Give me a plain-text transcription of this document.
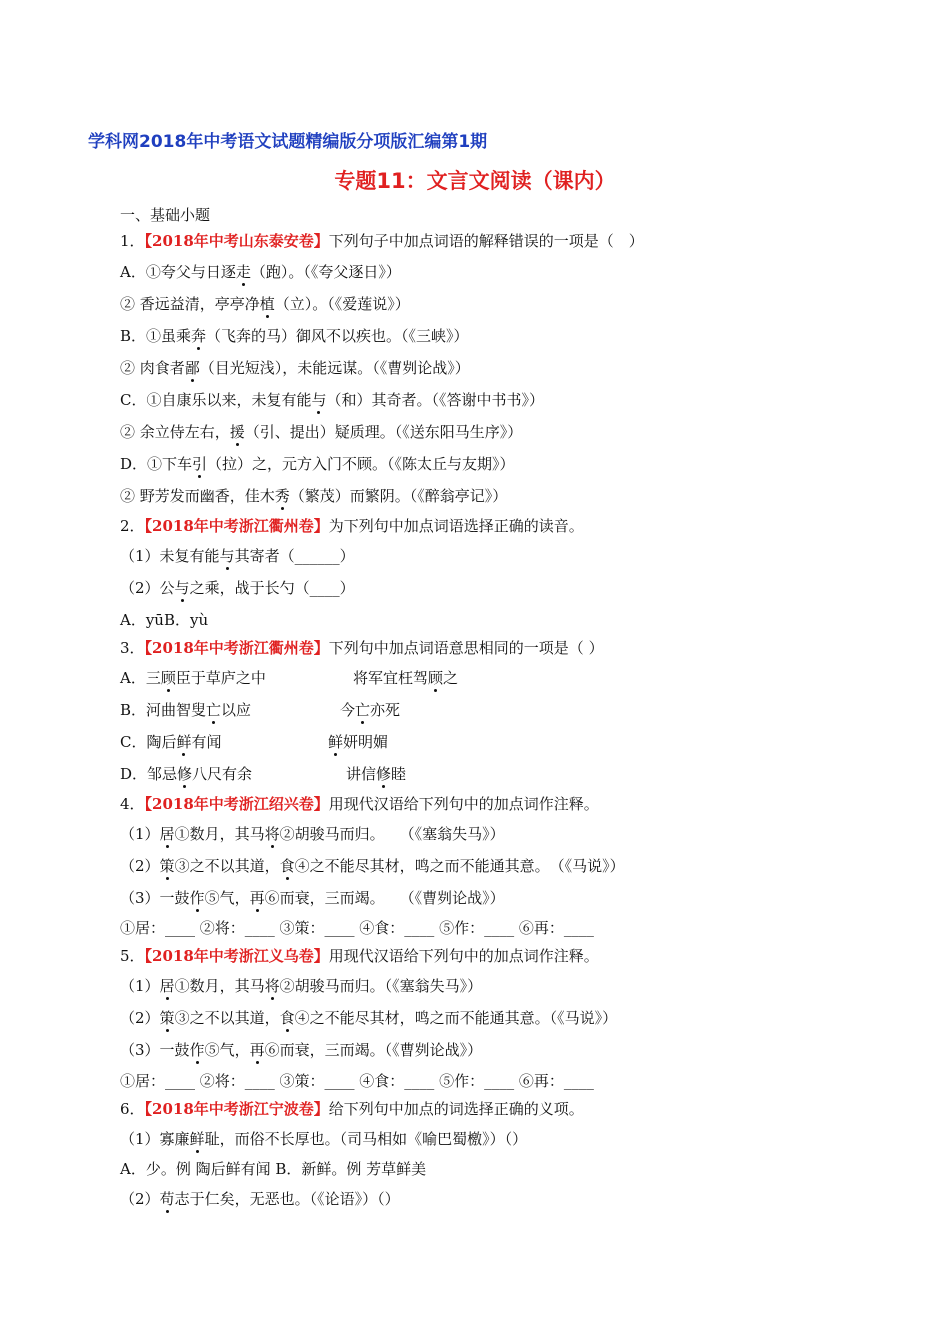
学科网2018年中考语文试题精编版分项版汇编第1期
专题11：文言文阅读（课内）
一、基础小题
1．【2018年中考山东泰安卷】下列句子中加点词语的解释错误的一项是（　）
A．①夸父与日逐走（跑）。（《夸父逐日》）
② 香远益清，亭亭净植（立）。（《爱莲说》）
B．①虽乘奔（飞奔的马）御风不以疾也。（《三峡》）
② 肉食者鄙（目光短浅），未能远谋。（《曹刿论战》）
C．①自康乐以来，未复有能与（和）其奇者。（《答谢中书书》）
② 余立侍左右，援（引、提出）疑质理。（《送东阳马生序》）
D．①下车引（拉）之，元方入门不顾。（《陈太丘与友期》）
② 野芳发而幽香，佳木秀（繁茂）而繁阴。（《醉翁亭记》）
2．【2018年中考浙江衢州卷】为下列句中加点词语选择正确的读音。
（1）未复有能与其寄者（______）
（2）公与之乘，战于长勺（____）
A．yūB．yù
3．【2018年中考浙江衢州卷】下列句中加点词语意思相同的一项是（ ）
A．三顾臣于草庐之中	将军宜枉驾顾之
B．河曲智叟亡以应	今亡亦死
C．陶后鲜有闻	鲜妍明媚
D．邹忌修八尺有余	讲信修睦
4．【2018年中考浙江绍兴卷】用现代汉语给下列句中的加点词作注释。
（1）居①数月，其马将②胡骏马而归。　　（《塞翁失马》）
（2）策③之不以其道，食④之不能尽其材，鸣之而不能通其意。　（《马说》）
（3）一鼓作⑤气，再⑥而衰，三而竭。　　（《曹刿论战》）
①居：____ ②将：____ ③策：____ ④食：____ ⑤作：____ ⑥再：____
5．【2018年中考浙江义乌卷】用现代汉语给下列句中的加点词作注释。
（1）居①数月，其马将②胡骏马而归。（《塞翁失马》）
（2）策③之不以其道，食④之不能尽其材，鸣之而不能通其意。（《马说》）
（3）一鼓作⑤气，再⑥而衰，三而竭。（《曹刿论战》）
①居：____ ②将：____ ③策：____ ④食：____ ⑤作：____ ⑥再：____
6．【2018年中考浙江宁波卷】给下列句中加点的词选择正确的义项。
（1）寡廉鲜耻，而俗不长厚也。（司马相如《喻巴蜀檄》）（）
A．少。例 陶后鲜有闻 B．新鲜。例 芳草鲜美
（2）苟志于仁矣，无恶也。（《论语》）（）
